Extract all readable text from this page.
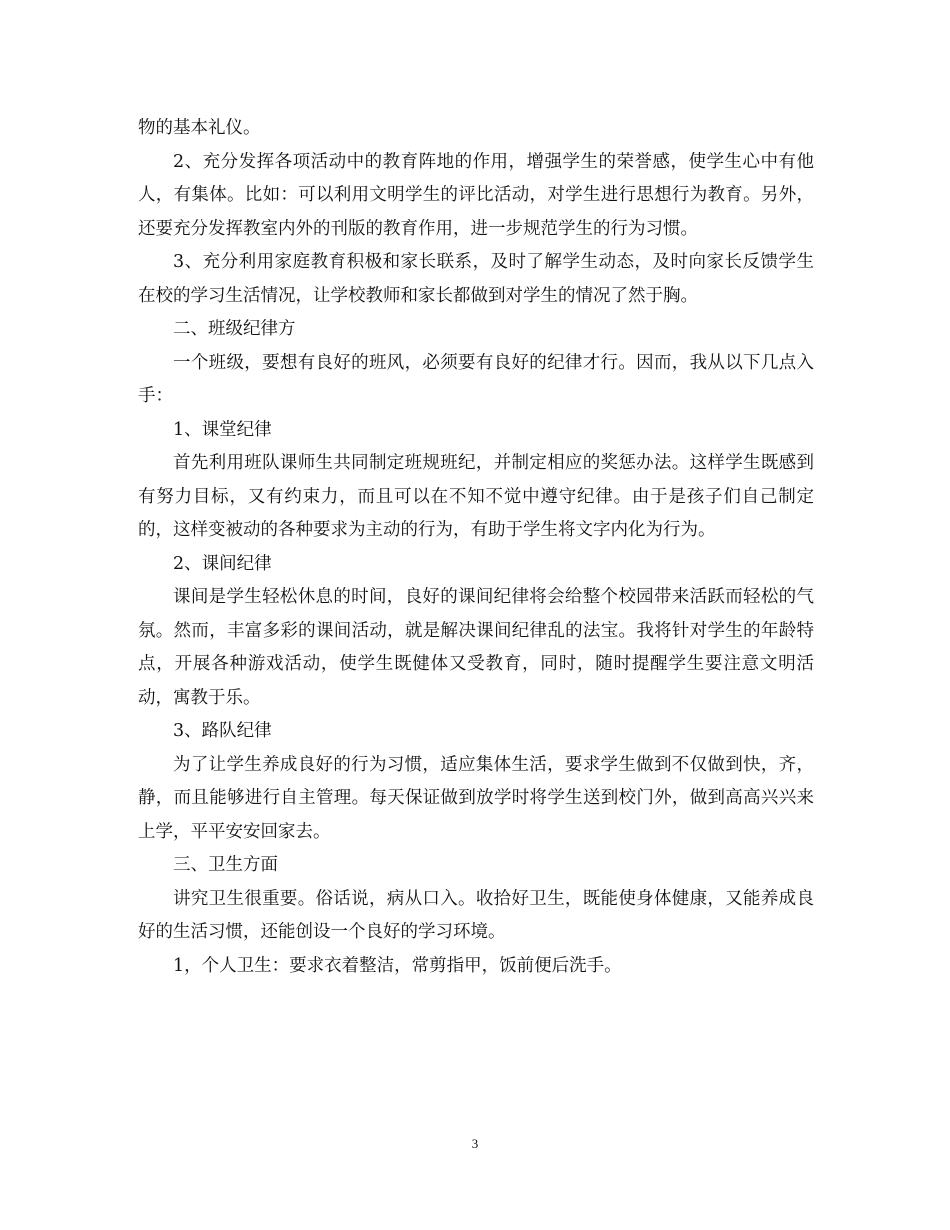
物的基本礼仪。

2、充分发挥各项活动中的教育阵地的作用，增强学生的荣誉感，使学生心中有他人，有集体。比如：可以利用文明学生的评比活动，对学生进行思想行为教育。另外，还要充分发挥教室内外的刊版的教育作用，进一步规范学生的行为习惯。

3、充分利用家庭教育积极和家长联系，及时了解学生动态，及时向家长反馈学生在校的学习生活情况，让学校教师和家长都做到对学生的情况了然于胸。

二、班级纪律方

一个班级，要想有良好的班风，必须要有良好的纪律才行。因而，我从以下几点入手：

1、课堂纪律

首先利用班队课师生共同制定班规班纪，并制定相应的奖惩办法。这样学生既感到有努力目标，又有约束力，而且可以在不知不觉中遵守纪律。由于是孩子们自己制定的，这样变被动的各种要求为主动的行为，有助于学生将文字内化为行为。

2、课间纪律

课间是学生轻松休息的时间，良好的课间纪律将会给整个校园带来活跃而轻松的气氛。然而，丰富多彩的课间活动，就是解决课间纪律乱的法宝。我将针对学生的年龄特点，开展各种游戏活动，使学生既健体又受教育，同时，随时提醒学生要注意文明活动，寓教于乐。

3、路队纪律

为了让学生养成良好的行为习惯，适应集体生活，要求学生做到不仅做到快，齐，静，而且能够进行自主管理。每天保证做到放学时将学生送到校门外，做到高高兴兴来上学，平平安安回家去。

三、卫生方面

讲究卫生很重要。俗话说，病从口入。收拾好卫生，既能使身体健康，又能养成良好的生活习惯，还能创设一个良好的学习环境。

1，个人卫生：要求衣着整洁，常剪指甲，饭前便后洗手。

3
